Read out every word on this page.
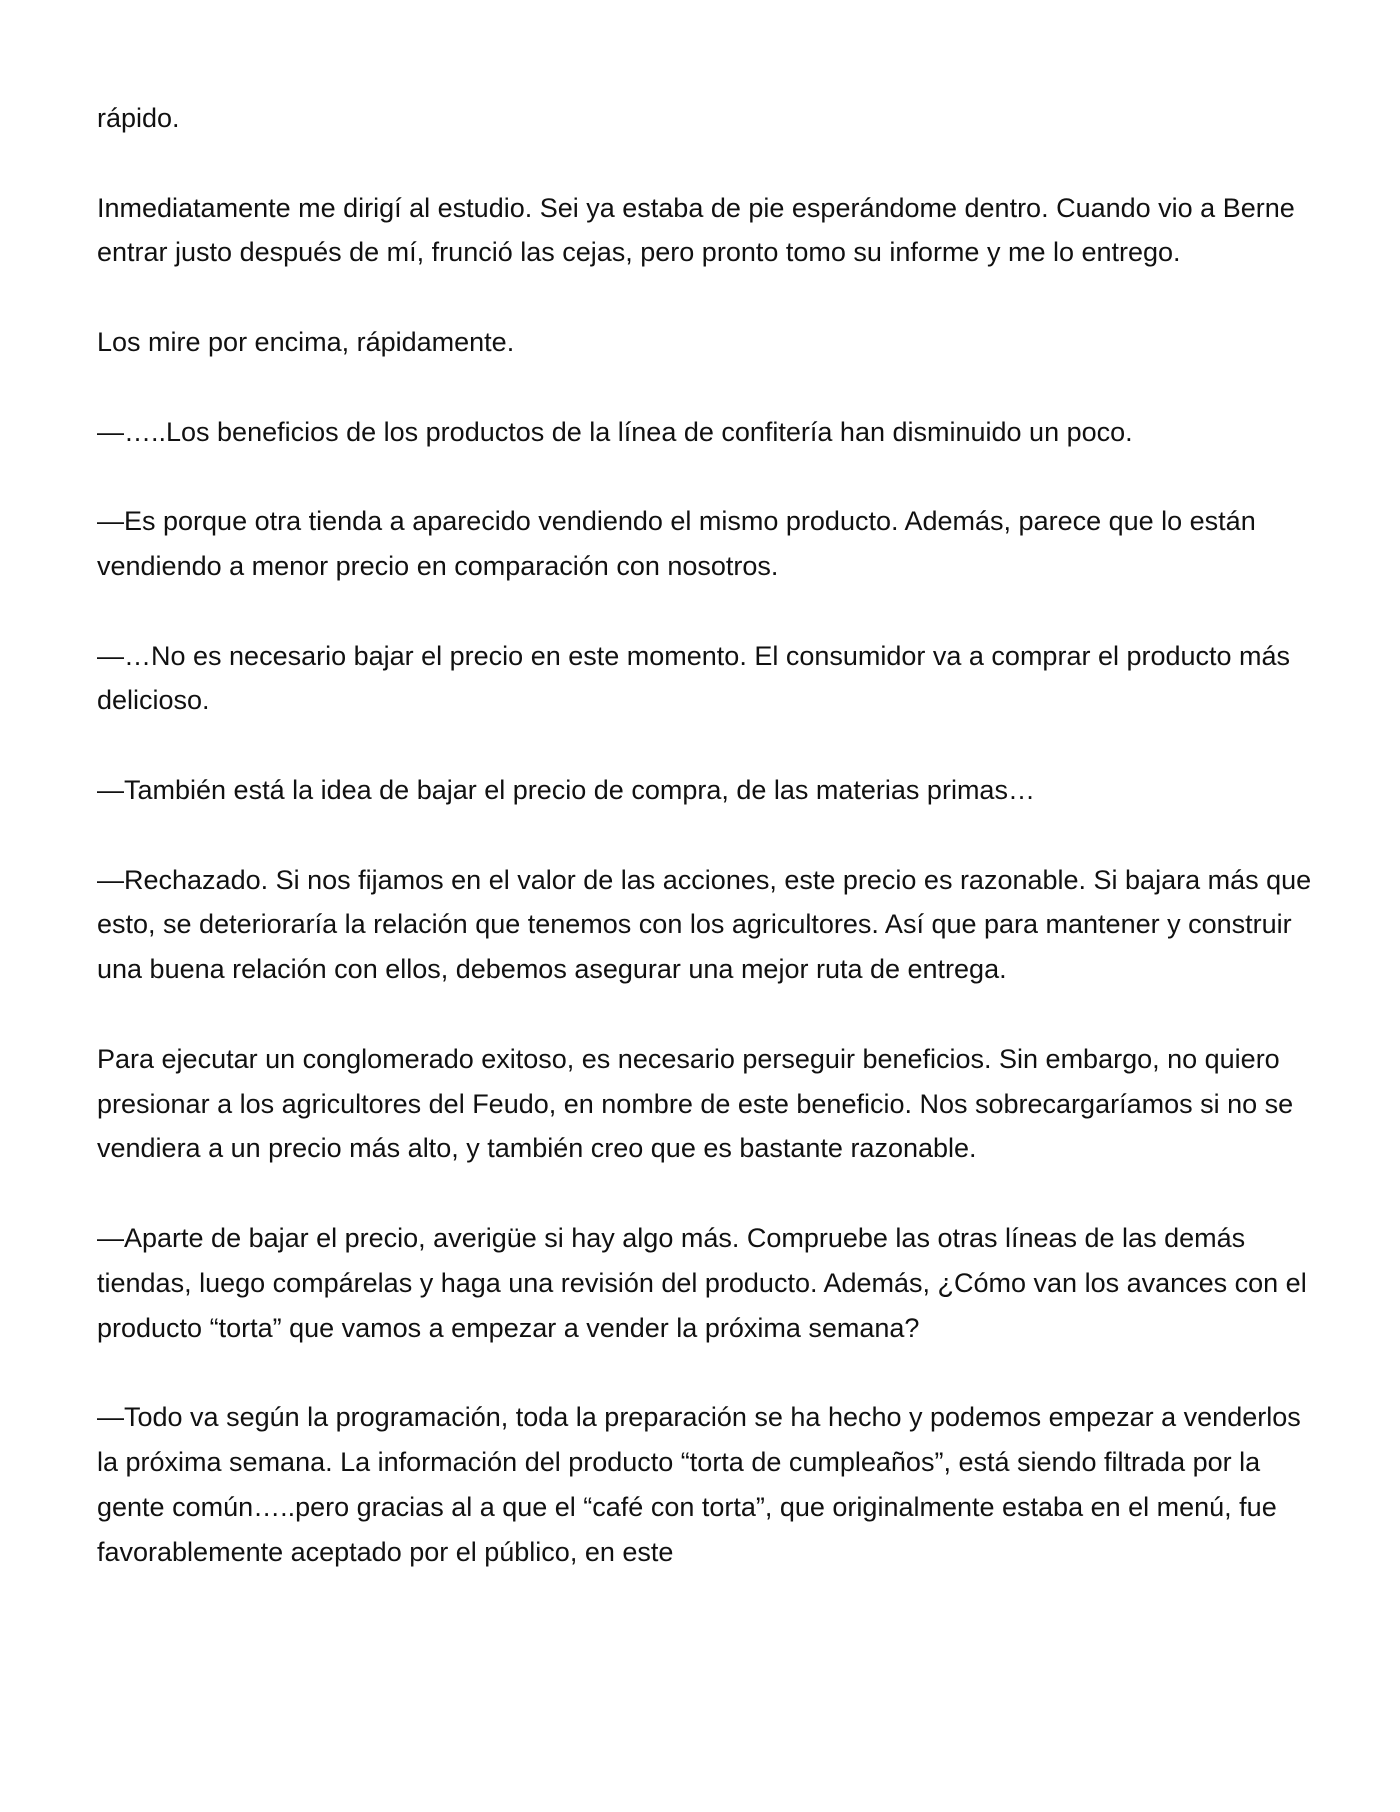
rápido.

Inmediatamente me dirigí al estudio. Sei ya estaba de pie esperándome dentro. Cuando vio a Berne entrar justo después de mí, frunció las cejas, pero pronto tomo su informe y me lo entrego.

Los mire por encima, rápidamente.

—…..Los beneficios de los productos de la línea de confitería han disminuido un poco.

—Es porque otra tienda a aparecido vendiendo el mismo producto. Además, parece que lo están vendiendo a menor precio en comparación con nosotros.

—…No es necesario bajar el precio en este momento. El consumidor va a comprar el producto más delicioso.

—También está la idea de bajar el precio de compra, de las materias primas…

—Rechazado. Si nos fijamos en el valor de las acciones, este precio es razonable. Si bajara más que esto, se deterioraría la relación que tenemos con los agricultores. Así que para mantener y construir una buena relación con ellos, debemos asegurar una mejor ruta de entrega.

Para ejecutar un conglomerado exitoso, es necesario perseguir beneficios. Sin embargo, no quiero presionar a los agricultores del Feudo, en nombre de este beneficio. Nos sobrecargaríamos si no se vendiera a un precio más alto, y también creo que es bastante razonable.

—Aparte de bajar el precio, averigüe si hay algo más. Compruebe las otras líneas de las demás tiendas, luego compárelas y haga una revisión del producto. Además, ¿Cómo van los avances con el producto “torta” que vamos a empezar a vender la próxima semana?

—Todo va según la programación, toda la preparación se ha hecho y podemos empezar a venderlos la próxima semana. La información del producto “torta de cumpleaños”, está siendo filtrada por la gente común…..pero gracias al a que el “café con torta”, que originalmente estaba en el menú, fue favorablemente aceptado por el público, en este
